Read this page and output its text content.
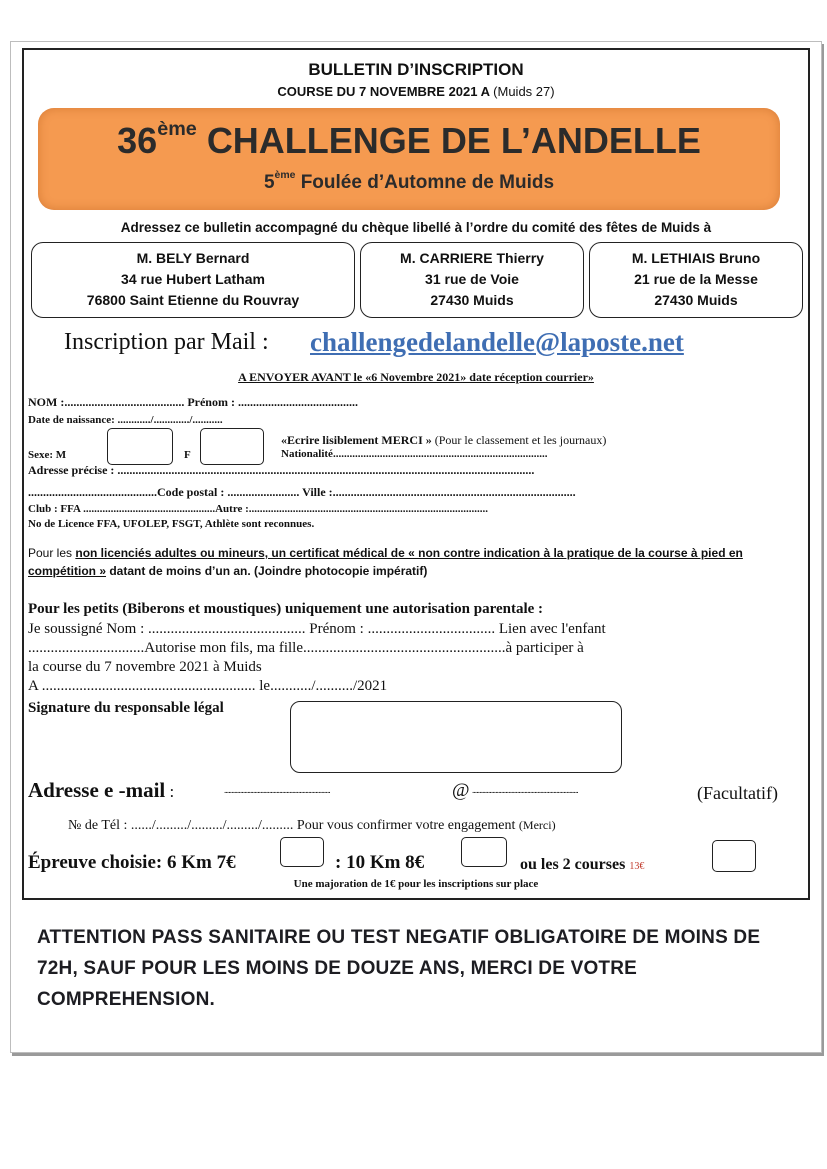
BULLETIN D’INSCRIPTION
COURSE DU 7 NOVEMBRE 2021 A (Muids 27)
36ème CHALLENGE DE L’ANDELLE
5ème Foulée d’Automne de Muids
Adressez ce bulletin accompagné du chèque libellé à l’ordre du comité des fêtes de Muids à
M. BELY Bernard
34 rue Hubert Latham
76800 Saint Etienne du Rouvray
M. CARRIERE Thierry
31 rue de Voie
27430 Muids
M. LETHIAIS Bruno
21 rue de la Messe
27430 Muids
Inscription par Mail : challengedelandelle@laposte.net
A ENVOYER AVANT le «6 Novembre 2021» date réception courrier»
NOM :........................................ Prénom : ........................................
Date de naissance: ............/............./...........
Sexe: M	F
«Ecrire lisiblement MERCI » (Pour le classement et les journaux)
Nationalité..............................................................................
Adresse précise : ...........................................................................................................................................
...........................................Code postal : ........................ Ville :.................................................................................
Club : FFA ................................................Autre :.......................................................................................
No de Licence FFA, UFOLEP, FSGT, Athlète sont reconnues.
Pour les non licenciés adultes ou mineurs, un certificat médical de « non contre indication à la pratique de la course à pied en compétition » datant de moins d’un an. (Joindre photocopie impératif)
Pour les petits (Biberons et moustiques) uniquement une autorisation parentale :
Je soussigné Nom : .......................................... Prénom : .................................. Lien avec l'enfant
...............................Autorise mon fils, ma fille......................................................à participer à
la course du 7 novembre 2021 à Muids
A ......................................................... le.........../........../2021
Signature du responsable légal
Adresse e -mail :	.........................................................................	@ .........................................................................	(Facultatif)
№ de Tél : ....../........./........./........./......... Pour vous confirmer votre engagement (Merci)
Épreuve choisie: 6 Km 7€	: 10 Km 8€	ou les 2 courses 13€
Une majoration de 1€ pour les inscriptions sur place
ATTENTION PASS SANITAIRE OU TEST NEGATIF OBLIGATOIRE DE MOINS DE 72H, SAUF POUR LES MOINS DE DOUZE ANS, MERCI DE VOTRE COMPREHENSION.
